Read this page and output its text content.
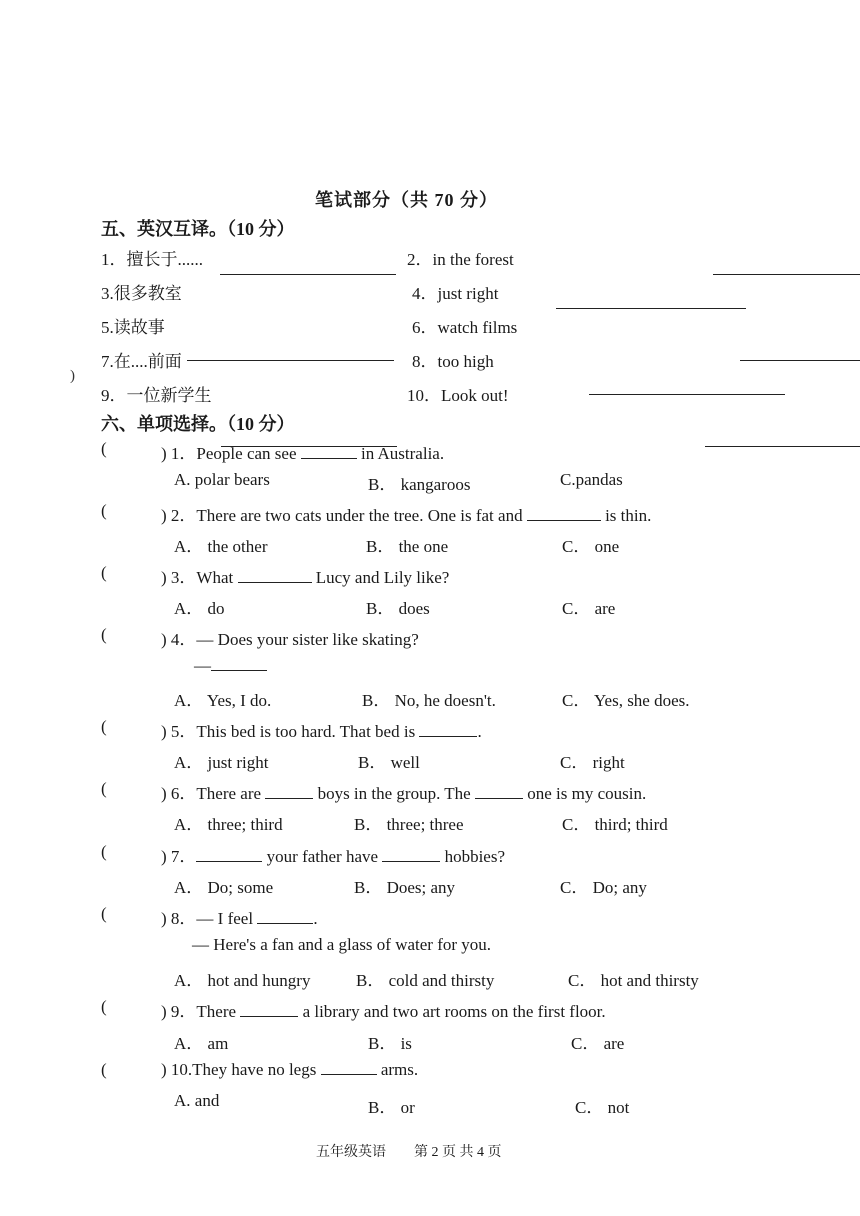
笔试部分（共 70 分）
五、英汉互译。（10 分）
1．擅长于......
	2．in the forest

3.很多教室
	4．just right

5.读故事
	6．watch films

7.在....前面
	8．too high

9．一位新学生
	10．Look out!
)
六、单项选择。（10 分）
(	) 1．People can see	in Australia.
A. polar bears	B． kangaroos	C.pandas
(	) 2．There are two cats under the tree. One is fat and	is thin.
A． the other	B． the one	C． one
(	) 3．What	Lucy and Lily like?
A． do	B． does	C． are
(	) 4．— Does your sister like skating?
—
A． Yes, I do.	B． No, he doesn't.	C． Yes, she does.
(	) 5．This bed is too hard. That bed is	.
A． just right	B． well	C． right
(	) 6．There are	boys in the group. The	one is my cousin.
A． three; third	B． three; three	C． third; third
(	) 7．	your father have	hobbies?
A． Do; some	B． Does; any	C． Do; any
(	) 8．— I feel	.
— Here's a fan and a glass of water for you.
A． hot and hungry	B． cold and thirsty	C． hot and thirsty
(	) 9．There	a library and two art rooms on the first floor.
A． am	B． is	C． are
(	) 10.They have no legs	arms.
A. and	B． or	C． not
五年级英语 第 2 页 共 4 页
